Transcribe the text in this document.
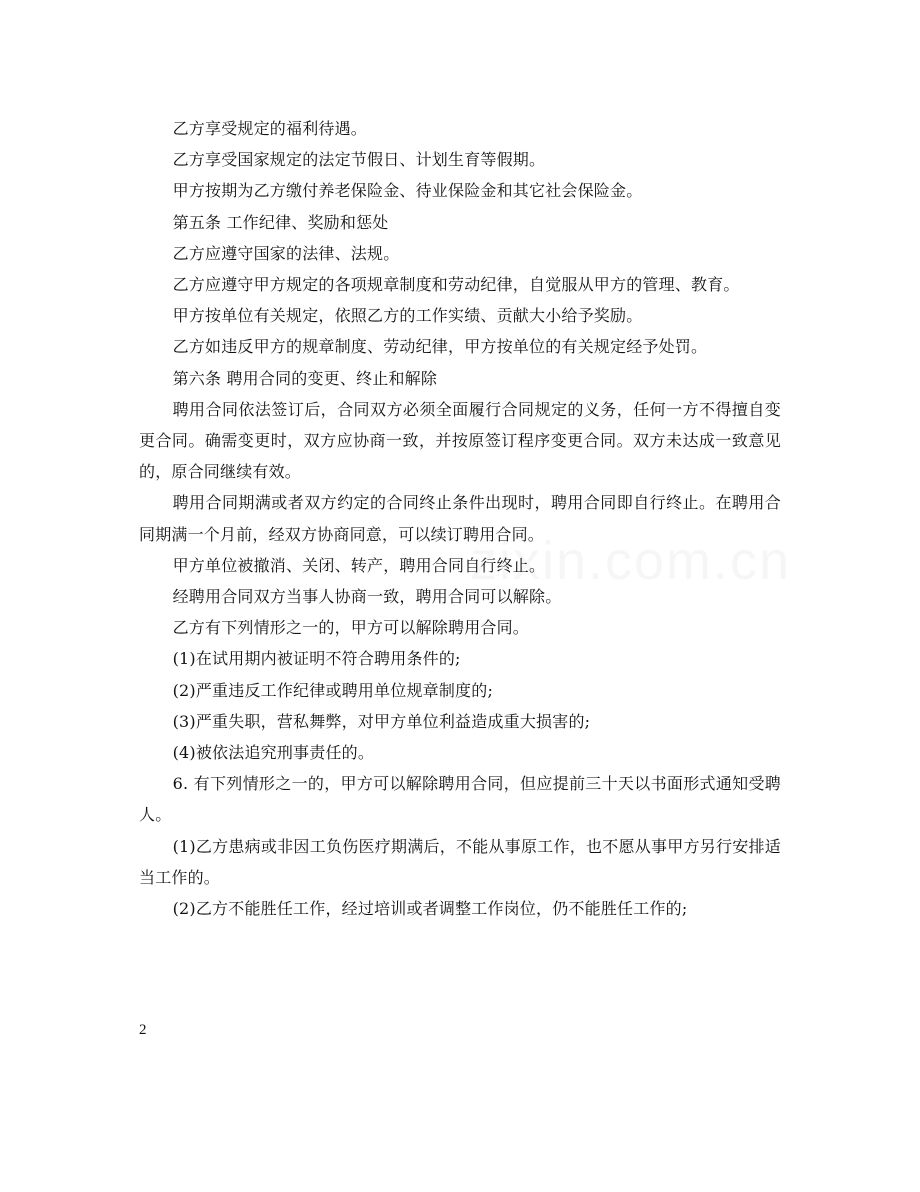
zixin.com.cn

乙方享受规定的福利待遇。

乙方享受国家规定的法定节假日、计划生育等假期。

甲方按期为乙方缴付养老保险金、待业保险金和其它社会保险金。

第五条 工作纪律、奖励和惩处

乙方应遵守国家的法律、法规。

乙方应遵守甲方规定的各项规章制度和劳动纪律，自觉服从甲方的管理、教育。

甲方按单位有关规定，依照乙方的工作实绩、贡献大小给予奖励。

乙方如违反甲方的规章制度、劳动纪律，甲方按单位的有关规定经予处罚。

第六条 聘用合同的变更、终止和解除

聘用合同依法签订后，合同双方必须全面履行合同规定的义务，任何一方不得擅自变更合同。确需变更时，双方应协商一致，并按原签订程序变更合同。双方未达成一致意见的，原合同继续有效。

聘用合同期满或者双方约定的合同终止条件出现时，聘用合同即自行终止。在聘用合同期满一个月前，经双方协商同意，可以续订聘用合同。

甲方单位被撤消、关闭、转产，聘用合同自行终止。

经聘用合同双方当事人协商一致，聘用合同可以解除。

乙方有下列情形之一的，甲方可以解除聘用合同。

(1)在试用期内被证明不符合聘用条件的;

(2)严重违反工作纪律或聘用单位规章制度的;

(3)严重失职，营私舞弊，对甲方单位利益造成重大损害的;

(4)被依法追究刑事责任的。

6. 有下列情形之一的，甲方可以解除聘用合同，但应提前三十天以书面形式通知受聘人。

(1)乙方患病或非因工负伤医疗期满后，不能从事原工作，也不愿从事甲方另行安排适当工作的。

(2)乙方不能胜任工作，经过培训或者调整工作岗位，仍不能胜任工作的;

2
